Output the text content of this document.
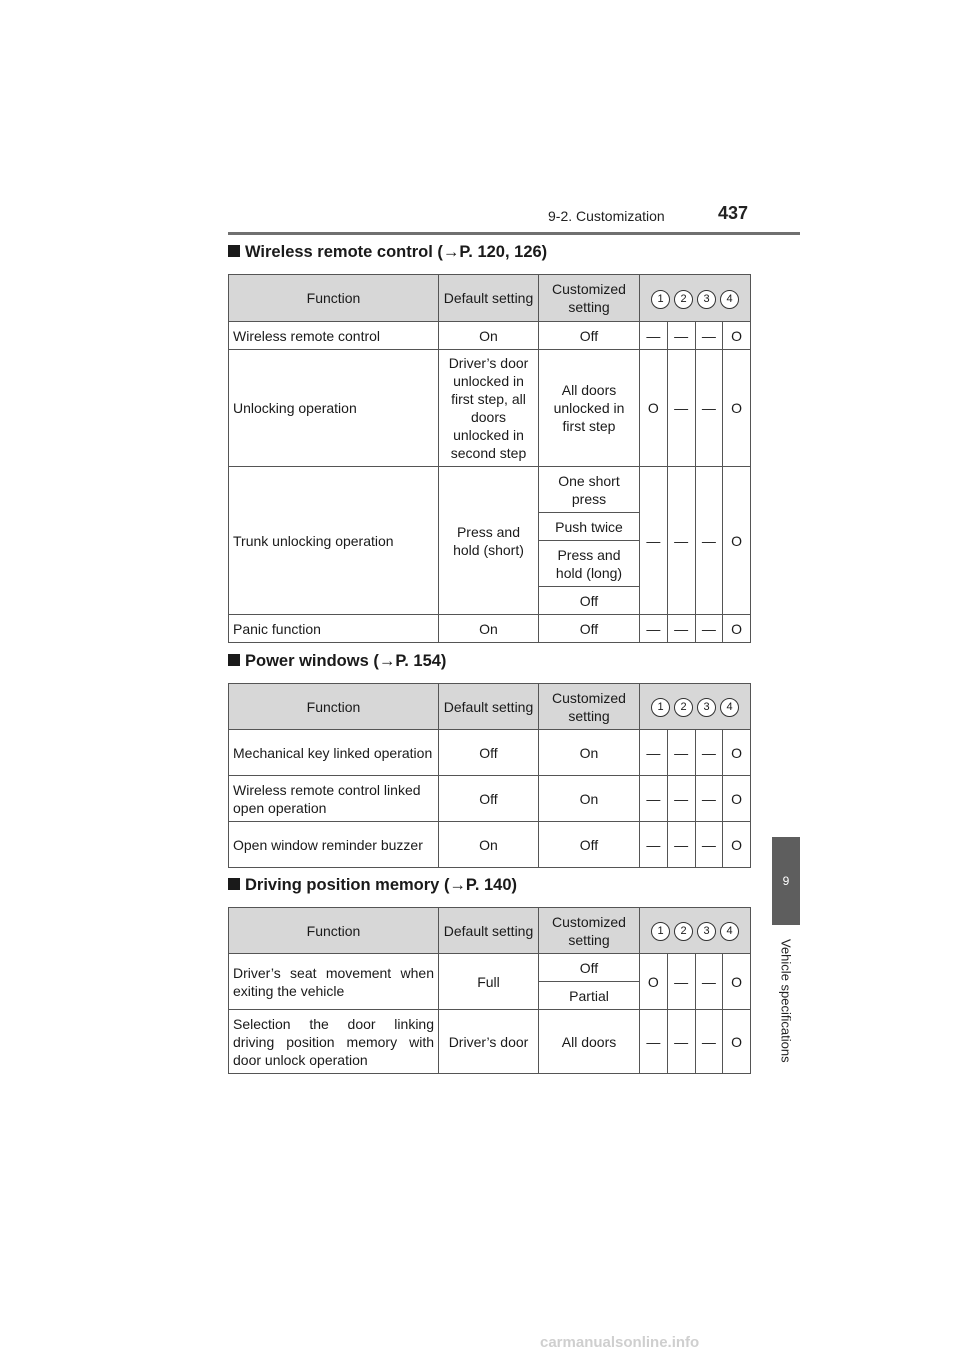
9-2. Customization	437
9
Vehicle specifications
Wireless remote control (→P. 120, 126)
Function	Default setting	Customized setting	1 2 3 4			
Wireless remote control	On	Off	—	—	—	O
Unlocking operation	Driver’s door unlocked in first step, all doors unlocked in second step	All doors unlocked in first step	O	—	—	O
Trunk unlocking operation	Press and hold (short)	One short press	—	—	—	O
		Push twice				
		Press and hold (long)				
		Off				
Panic function	On	Off	—	—	—	O
Power windows (→P. 154)
Function	Default setting	Customized setting	1 2 3 4			
Mechanical key linked operation	Off	On	—	—	—	O
Wireless remote control linked open operation	Off	On	—	—	—	O
Open window reminder buzzer	On	Off	—	—	—	O
Driving position memory (→P. 140)
Function	Default setting	Customized setting	1 2 3 4			
Driver’s seat movement when exiting the vehicle	Full	Off	O	—	—	O
		Partial				
Selection the door linking driving position memory with door unlock operation	Driver’s door	All doors	—	—	—	O
carmanualsonline.info
